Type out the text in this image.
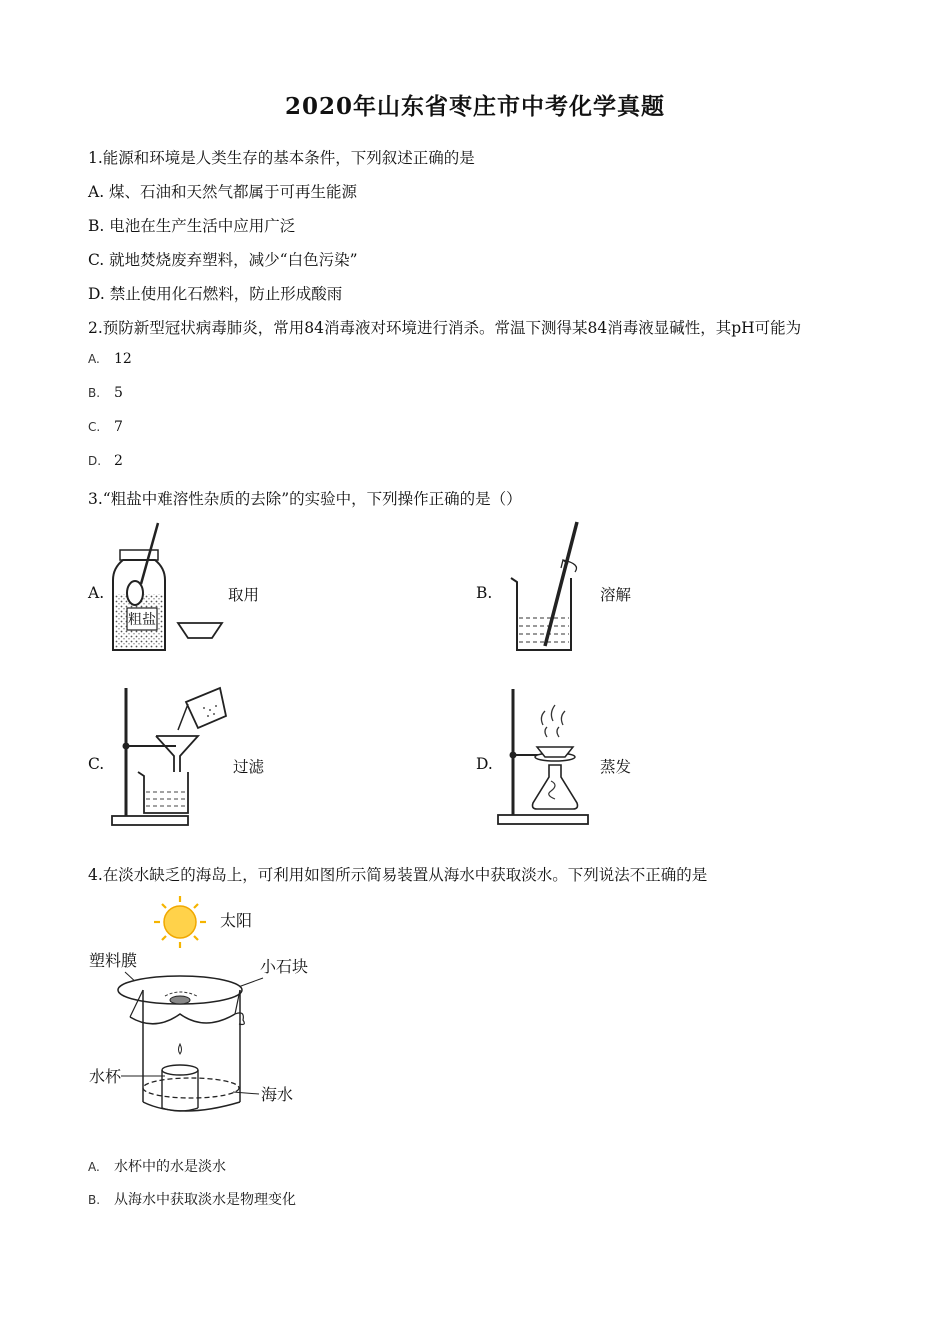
2020年山东省枣庄市中考化学真题
1.能源和环境是人类生存的基本条件，下列叙述正确的是
A. 煤、石油和天然气都属于可再生能源
B. 电池在生产生活中应用广泛
C. 就地焚烧废弃塑料，减少“白色污染”
D. 禁止使用化石燃料，防止形成酸雨
2.预防新型冠状病毒肺炎，常用84消毒液对环境进行消杀。常温下测得某84消毒液显碱性，其pH可能为
A. 12
B. 5
C. 7
D. 2
3.“粗盐中难溶性杂质的去除”的实验中，下列操作正确的是（）
A.	取用	B.	溶解
C.	过滤	D.	蒸发
粗盐
4.在淡水缺乏的海岛上，可利用如图所示简易装置从海水中获取淡水。下列说法不正确的是
太阳
塑料膜	小石块
水杯
海水
A. 水杯中的水是淡水
B. 从海水中获取淡水是物理变化
